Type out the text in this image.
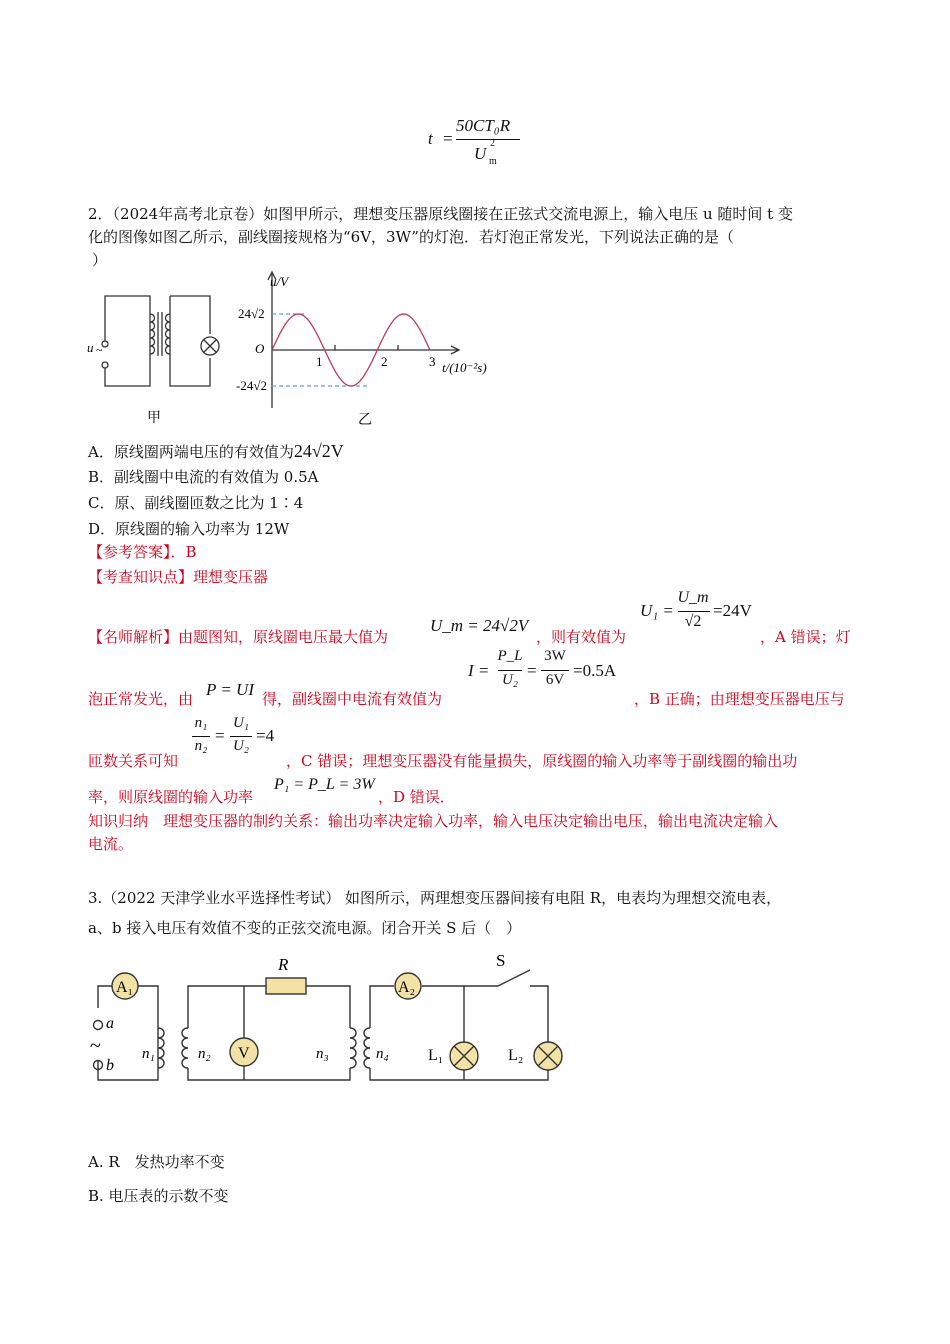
t =
50CT₀R
U
2
m
2．（2024年高考北京卷）如图甲所示，理想变压器原线圈接在正弦式交流电源上，输入电压 u 随时间 t 变
化的图像如图乙所示，副线圈接规格为“6V，3W”的灯泡．若灯泡正常发光，下列说法正确的是（
）
u ~
甲
u/V
O
24√2
-24√2
1	2	3 t/(10⁻²s)
乙
A．原线圈两端电压的有效值为24√2V
B．副线圈中电流的有效值为 0.5A
C．原、副线圈匝数之比为 1∶4
D．原线圈的输入功率为 12W
【参考答案】．B
【考查知识点】理想变压器
【名师解析】由题图知，原线圈电压最大值为
U_m = 24√2V
，则有效值为
U₁ =
U_m
√2
=24V
，A 错误；灯
泡正常发光，由 P = UI 得，副线圈中电流有效值为
I =
P_L
U₂ =
3W
6V =0.5A
，B 正确；由理想变压器电压与
匝数关系可知
n₁
n₂
=
U₁
U₂
=4
，C 错误；理想变压器没有能量损失，原线圈的输入功率等于副线圈的输出功
率，则原线圈的输入功率
P₁ = P_L = 3W
，D 错误．
知识归纳　理想变压器的制约关系：输出功率决定输入功率，输入电压决定输出电压，输出电流决定输入
电流。
3.（2022 天津学业水平选择性考试） 如图所示，两理想变压器间接有电阻 R，电表均为理想交流电表，
a、b 接入电压有效值不变的正弦交流电源。闭合开关 S 后（　）
A₁
V
A₂
R	S
a
b
~	n₁	n₂	n₃	n₄ L₁	L₂
A. R　发热功率不变
B. 电压表的示数不变
